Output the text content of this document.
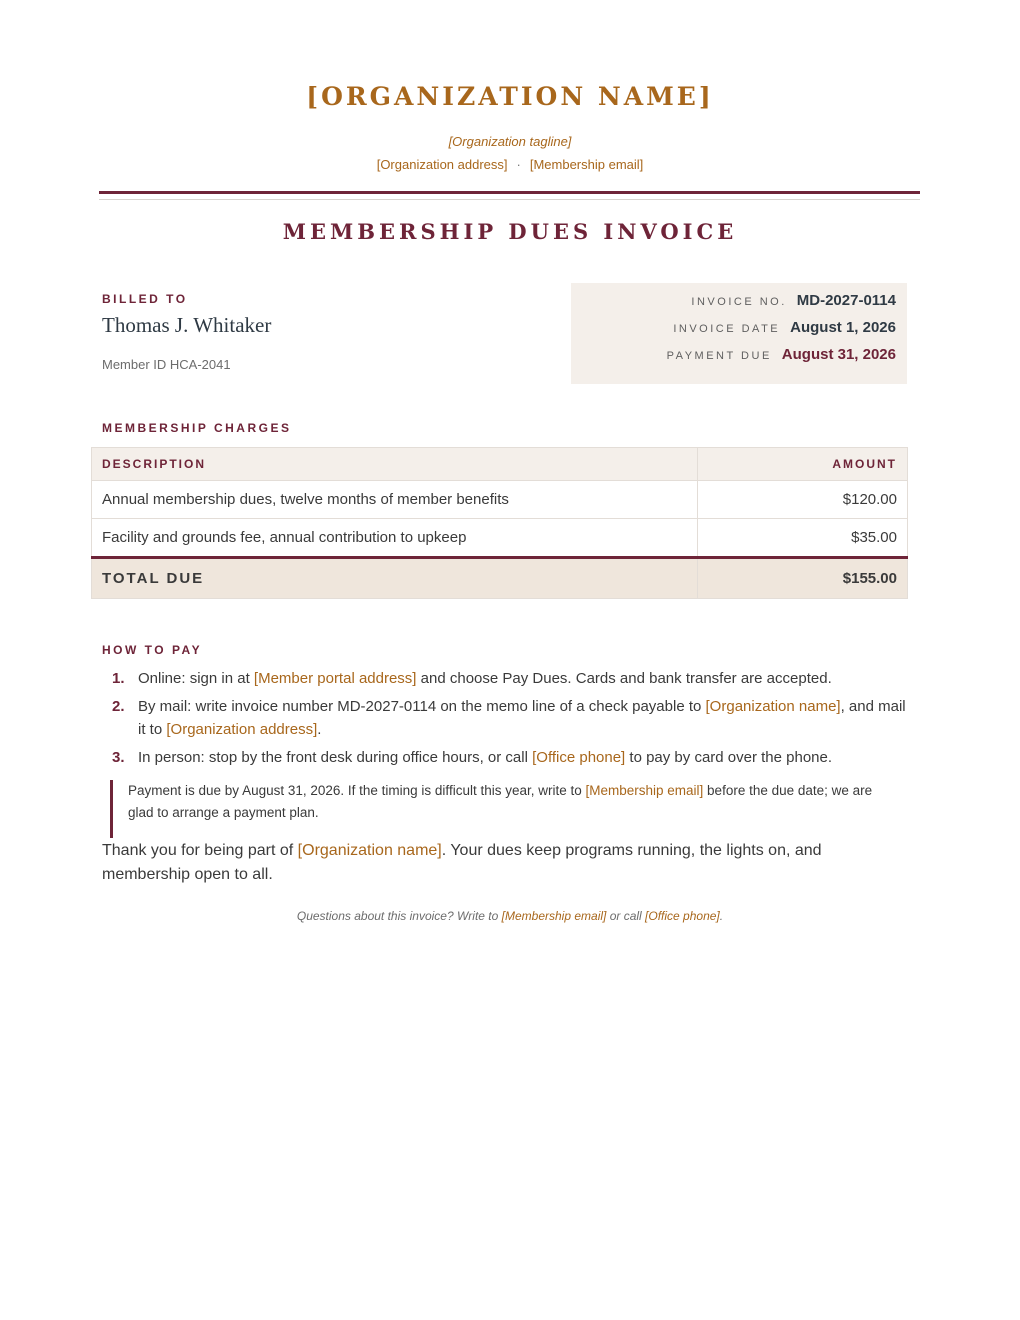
[ORGANIZATION NAME]
[Organization tagline]
[Organization address] · [Membership email]
MEMBERSHIP DUES INVOICE
BILLED TO
Thomas J. Whitaker
Member ID HCA-2041
INVOICE NO. MD-2027-0114
INVOICE DATE August 1, 2026
PAYMENT DUE August 31, 2026
MEMBERSHIP CHARGES
DESCRIPTION	AMOUNT
Annual membership dues, twelve months of member benefits	$120.00
Facility and grounds fee, annual contribution to upkeep	$35.00
TOTAL DUE	$155.00
HOW TO PAY
1. Online: sign in at [Member portal address] and choose Pay Dues. Cards and bank transfer are accepted.
2. By mail: write invoice number MD-2027-0114 on the memo line of a check payable to [Organization name], and mail it to [Organization address].
3. In person: stop by the front desk during office hours, or call [Office phone] to pay by card over the phone.
Payment is due by August 31, 2026. If the timing is difficult this year, write to [Membership email] before the due date; we are glad to arrange a payment plan.
Thank you for being part of [Organization name]. Your dues keep programs running, the lights on, and membership open to all.
Questions about this invoice? Write to [Membership email] or call [Office phone].
